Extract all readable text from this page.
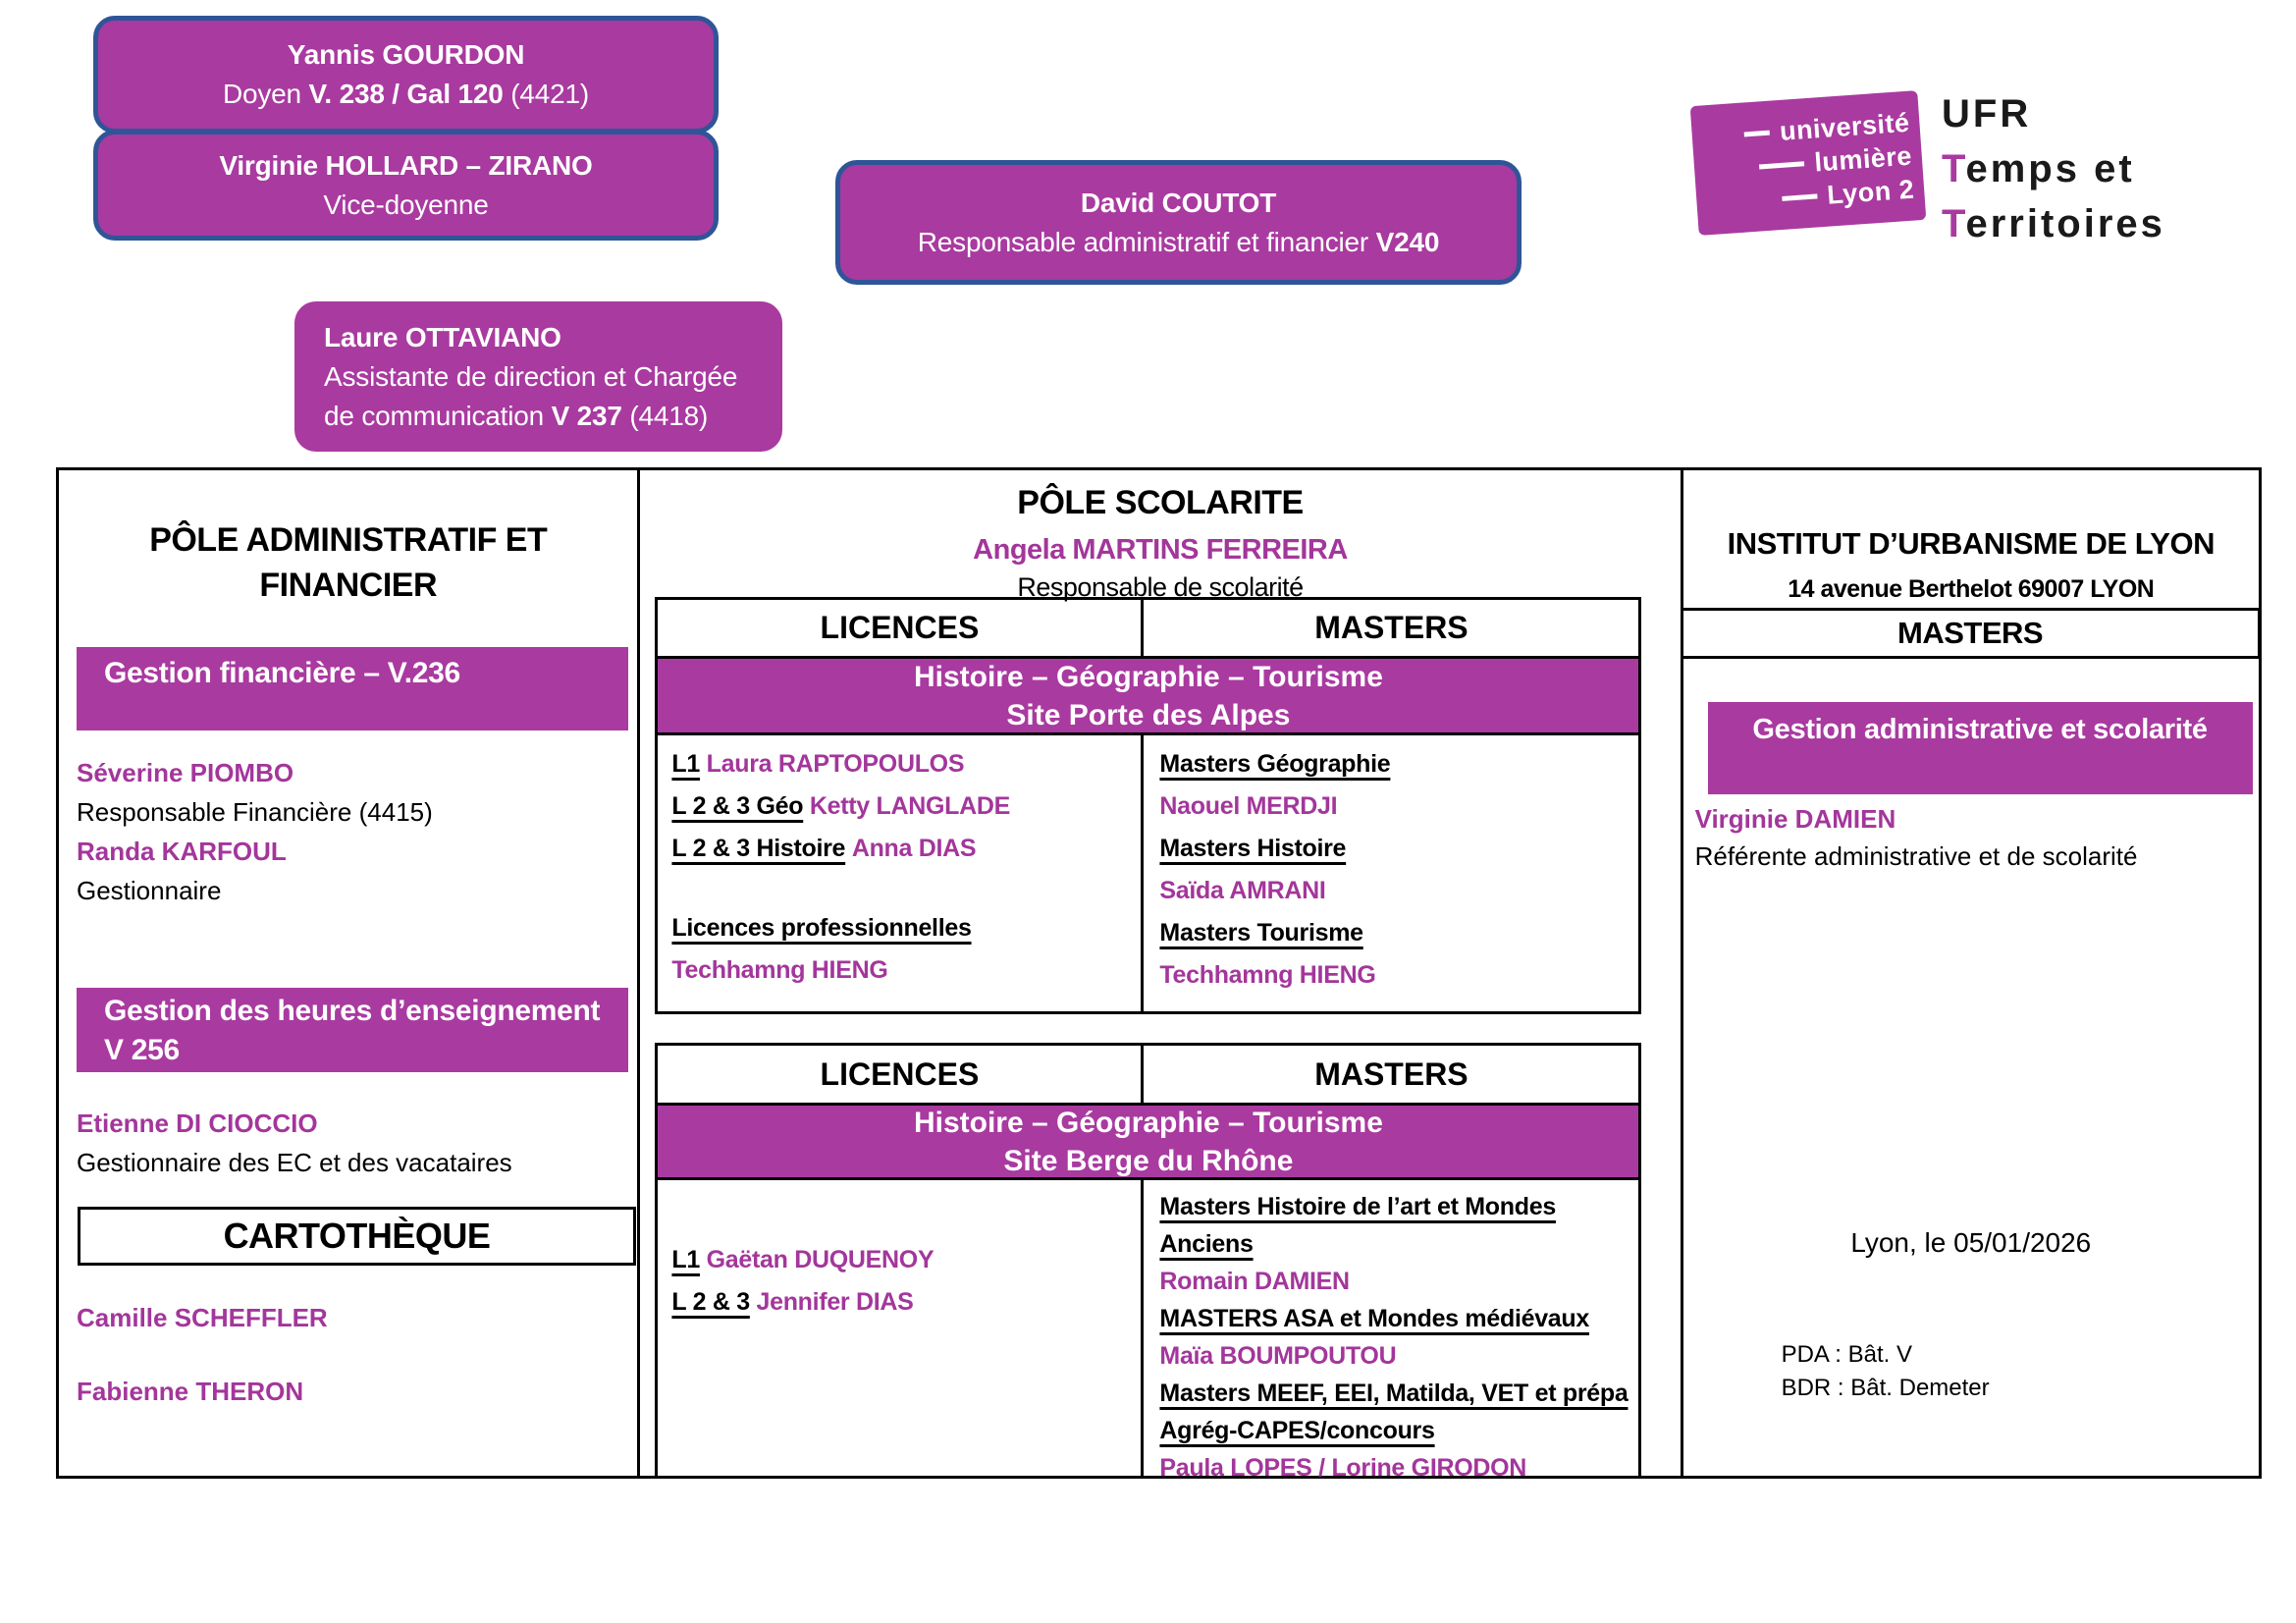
Yannis GOURDON
Doyen V. 238 / Gal 120 (4421)
Virginie HOLLARD – ZIRANO
Vice-doyenne	David COUTOT
Responsable administratif et financier V240
Laure OTTAVIANO
Assistante de direction et Chargée de communication V 237 (4418)
université
lumière
Lyon 2
UFR
Temps et
Territoires
PÔLE ADMINISTRATIF ET
FINANCIER
Gestion financière – V.236
Séverine PIOMBO
Responsable Financière (4415)
Randa KARFOUL
Gestionnaire
Gestion des heures d’enseignement
V 256
Etienne DI CIOCCIO
Gestionnaire des EC et des vacataires
CARTOTHÈQUE
Camille SCHEFFLER
Fabienne THERON
PÔLE SCOLARITE
Angela MARTINS FERREIRA
Responsable de scolarité
LICENCES	MASTERS
Histoire – Géographie – Tourisme
Site Porte des Alpes
L1 Laura RAPTOPOULOS
L 2 & 3 Géo Ketty LANGLADE
L 2 & 3 Histoire Anna DIAS
Licences professionnelles
Techhamng HIENG
Masters Géographie
Naouel MERDJI
Masters Histoire
Saïda AMRANI
Masters Tourisme
Techhamng HIENG
LICENCES	MASTERS
Histoire – Géographie – Tourisme
Site Berge du Rhône
L1 Gaëtan DUQUENOY
L 2 & 3 Jennifer DIAS
Masters Histoire de l’art et Mondes Anciens
Romain DAMIEN
MASTERS ASA et Mondes médiévaux
Maïa BOUMPOUTOU
Masters MEEF, EEI, Matilda, VET et prépa Agrég-CAPES/concours
Paula LOPES / Lorine GIRODON
INSTITUT D’URBANISME DE LYON
14 avenue Berthelot 69007 LYON
MASTERS
Gestion administrative et scolarité
Virginie DAMIEN
Référente administrative et de scolarité
Lyon, le 05/01/2026
PDA : Bât. V
BDR : Bât. Demeter
